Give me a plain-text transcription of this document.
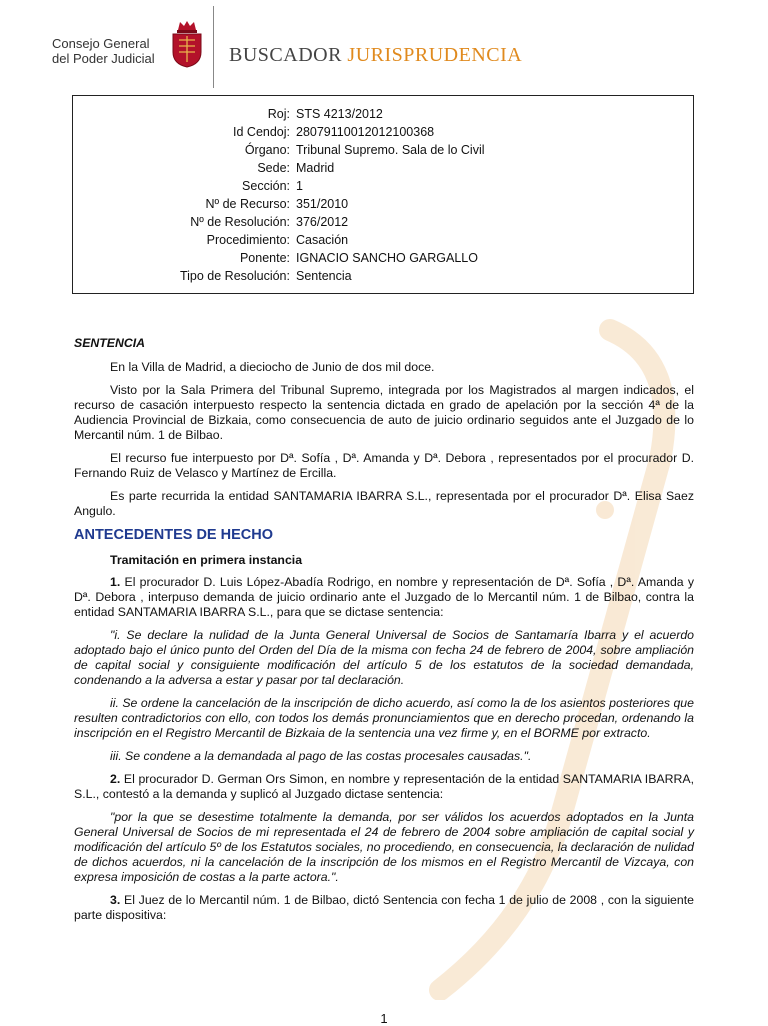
Consejo General
del Poder Judicial	BUSCADOR JURISPRUDENCIA
Roj: STS 4213/2012
Id Cendoj: 28079110012012100368
Órgano: Tribunal Supremo. Sala de lo Civil
Sede: Madrid
Sección: 1
Nº de Recurso: 351/2010
Nº de Resolución: 376/2012
Procedimiento: Casación
Ponente: IGNACIO SANCHO GARGALLO
Tipo de Resolución: Sentencia
SENTENCIA

En la Villa de Madrid, a dieciocho de Junio de dos mil doce.

Visto por la Sala Primera del Tribunal Supremo, integrada por los Magistrados al margen indicados, el recurso de casación interpuesto respecto la sentencia dictada en grado de apelación por la sección 4ª de la Audiencia Provincial de Bizkaia, como consecuencia de auto de juicio ordinario seguidos ante el Juzgado de lo Mercantil núm. 1 de Bilbao.

El recurso fue interpuesto por Dª. Sofía , Dª. Amanda y Dª. Debora , representados por el procurador D. Fernando Ruiz de Velasco y Martínez de Ercilla.

Es parte recurrida la entidad SANTAMARIA IBARRA S.L., representada por el procurador Dª. Elisa Saez Angulo.

ANTECEDENTES DE HECHO
Tramitación en primera instancia

1. El procurador D. Luis López-Abadía Rodrigo, en nombre y representación de Dª. Sofía , Dª. Amanda y Dª. Debora , interpuso demanda de juicio ordinario ante el Juzgado de lo Mercantil núm. 1 de Bilbao, contra la entidad SANTAMARIA IBARRA S.L., para que se dictase sentencia:

"i. Se declare la nulidad de la Junta General Universal de Socios de Santamaría Ibarra y el acuerdo adoptado bajo el único punto del Orden del Día de la misma con fecha 24 de febrero de 2004, sobre ampliación de capital social y consiguiente modificación del artículo 5 de los estatutos de la sociedad demandada, condenando a la adversa a estar y pasar por tal declaración.

ii. Se ordene la cancelación de la inscripción de dicho acuerdo, así como la de los asientos posteriores que resulten contradictorios con ello, con todos los demás pronunciamientos que en derecho procedan, ordenando la inscripción en el Registro Mercantil de Bizkaia de la sentencia una vez firme y, en el BORME por extracto.

iii. Se condene a la demandada al pago de las costas procesales causadas.".

2. El procurador D. German Ors Simon, en nombre y representación de la entidad SANTAMARIA IBARRA, S.L., contestó a la demanda y suplicó al Juzgado dictase sentencia:

"por la que se desestime totalmente la demanda, por ser válidos los acuerdos adoptados en la Junta General Universal de Socios de mi representada el 24 de febrero de 2004 sobre ampliación de capital social y modificación del artículo 5º de los Estatutos sociales, no procediendo, en consecuencia, la declaración de nulidad de dichos acuerdos, ni la cancelación de la inscripción de los mismos en el Registro Mercantil de Vizcaya, con expresa imposición de costas a la parte actora.".

3. El Juez de lo Mercantil núm. 1 de Bilbao, dictó Sentencia con fecha 1 de julio de 2008 , con la siguiente parte dispositiva:

1
